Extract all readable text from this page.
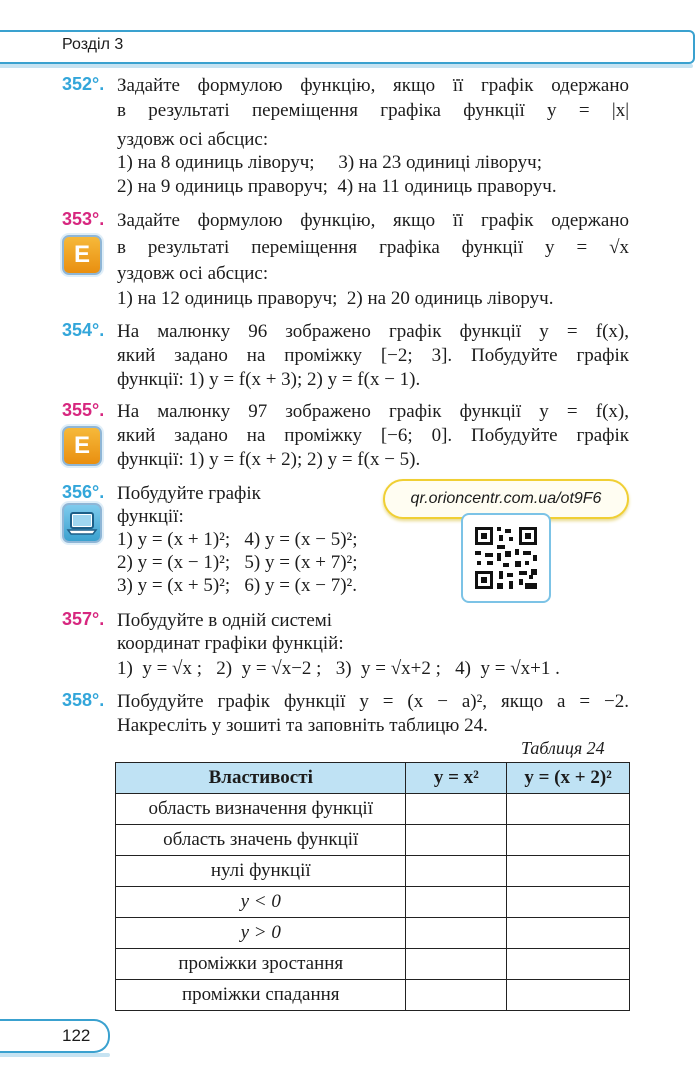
Розділ 3
352°. Задайте формулою функцію, якщо її графік одержано
в результаті переміщення графіка функції y = |x|
уздовж осі абсцис:
1) на 8 одиниць ліворуч;     3) на 23 одиниці ліворуч;
2) на 9 одиниць праворуч;  4) на 11 одиниць праворуч.
353°.
E
Задайте формулою функцію, якщо її графік одержано
в результаті переміщення графіка функції y = √x
уздовж осі абсцис:
1) на 12 одиниць праворуч;  2) на 20 одиниць ліворуч.
354°. На малюнку 96 зображено графік функції y = f(x),
який задано на проміжку [−2; 3]. Побудуйте графік
функції: 1) y = f(x + 3); 2) y = f(x − 1).
355°.
E
На малюнку 97 зображено графік функції y = f(x),
який задано на проміжку [−6; 0]. Побудуйте графік
функції: 1) y = f(x + 2); 2) y = f(x − 5).
356°. Побудуйте графік
функції:
1) y = (x + 1)²;   4) y = (x − 5)²;
2) y = (x − 1)²;   5) y = (x + 7)²;
3) y = (x + 5)²;   6) y = (x − 7)².
qr.orioncentr.com.ua/ot9F6
357°. Побудуйте в одній системі
координат графіки функцій:
1)  y = √x ;   2)  y = √x−2 ;   3)  y = √x+2 ;   4)  y = √x+1 .
358°. Побудуйте графік функції y = (x − a)², якщо a = −2.
Накресліть у зошиті та заповніть таблицю 24.
Таблиця 24
Властивості	y = x²	y = (x + 2)²
область визначення функції		
область значень функції		
нулі функції		
y < 0		
y > 0		
проміжки зростання		
проміжки спадання		
122
